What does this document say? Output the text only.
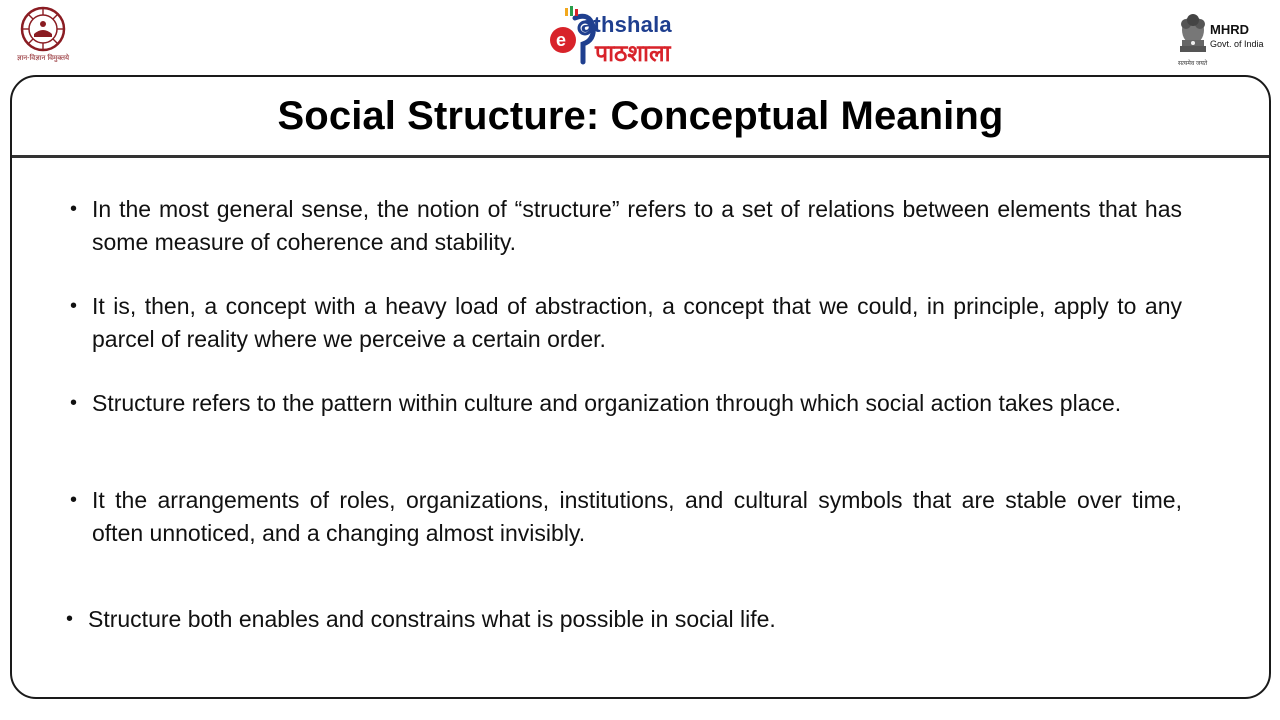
ज्ञान-विज्ञान विमुक्तये
e
athshala
पाठशाला
MHRD
Govt. of India
सत्यमेव जयते
Social Structure: Conceptual Meaning
• In the most general sense, the notion of “structure” refers to a set of relations between elements that has some measure of coherence and stability.
• It is, then, a concept with a heavy load of abstraction, a concept that we could, in principle, apply to any parcel of reality where we perceive a certain order.
• Structure refers to the pattern within culture and organization through which social action takes place.
• It the arrangements of roles, organizations, institutions, and cultural symbols that are stable over time, often unnoticed, and a changing almost invisibly.
• Structure both enables and constrains what is possible in social life.
